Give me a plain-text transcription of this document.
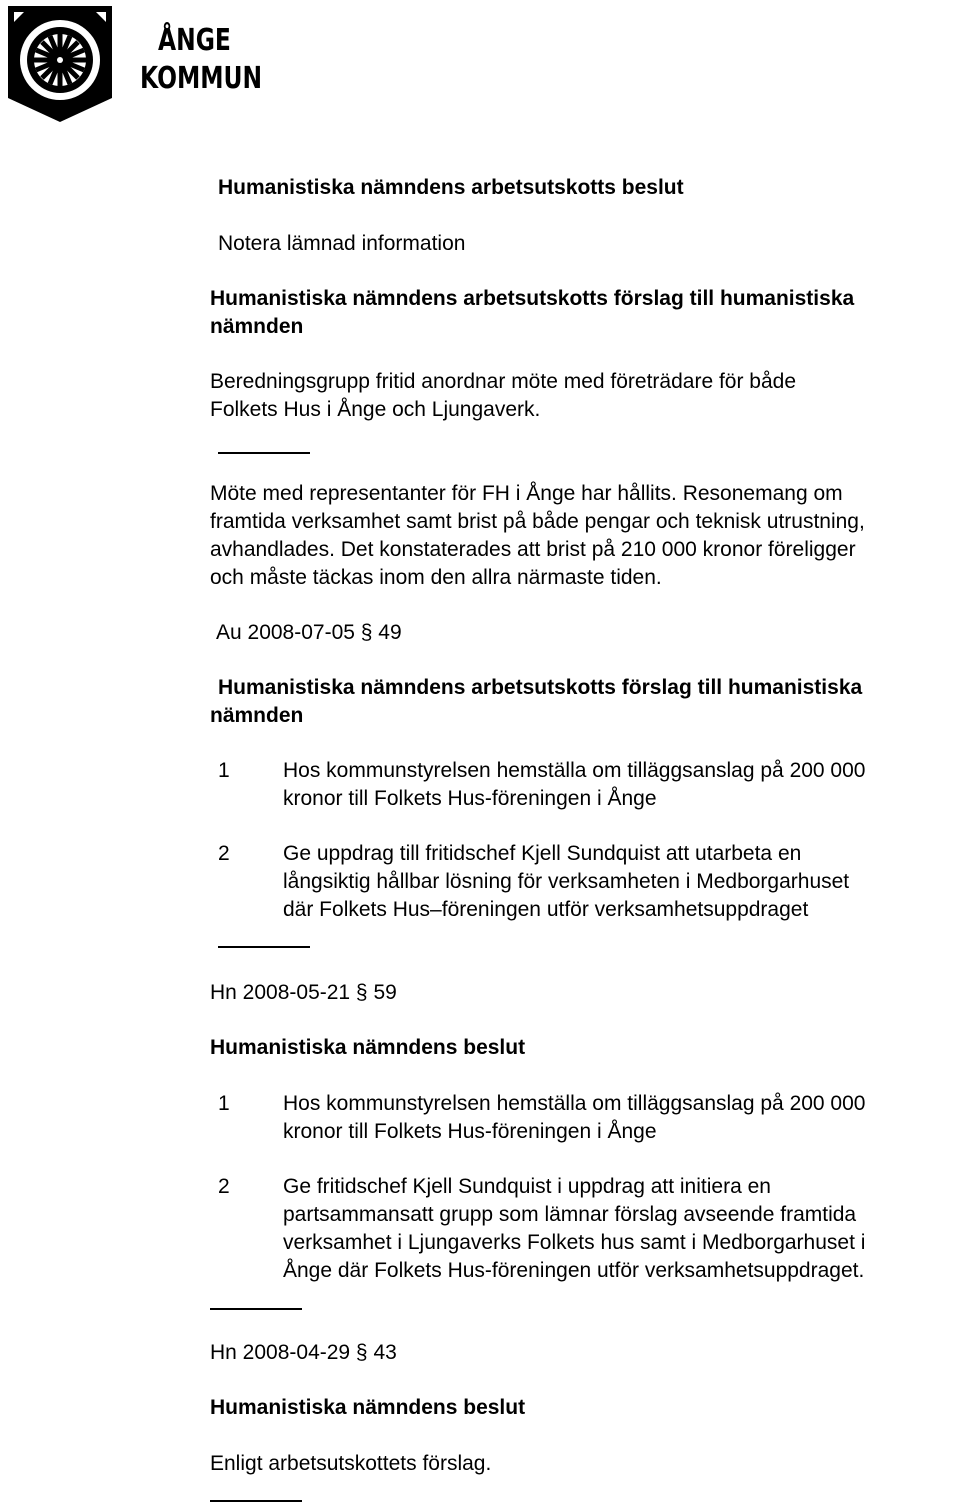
ÅNGE
KOMMUN
Humanistiska nämndens arbetsutskotts beslut
Notera lämnad information
Humanistiska nämndens arbetsutskotts förslag till humanistiska
nämnden
Beredningsgrupp fritid anordnar möte med företrädare för både
Folkets Hus i Ånge och Ljungaverk.
Möte med representanter för FH i Ånge har hållits. Resonemang om
framtida verksamhet samt brist på både pengar och teknisk utrustning,
avhandlades. Det konstaterades att brist på 210 000 kronor föreligger
och måste täckas inom den allra närmaste tiden.
Au 2008-07-05 § 49
Humanistiska nämndens arbetsutskotts förslag till humanistiska
nämnden
1	Hos kommunstyrelsen hemställa om tilläggsanslag på 200 000
kronor till Folkets Hus-föreningen i Ånge
2	Ge uppdrag till fritidschef Kjell Sundquist att utarbeta en
långsiktig hållbar lösning för verksamheten i Medborgarhuset
där Folkets Hus–föreningen utför verksamhetsuppdraget
Hn 2008-05-21 § 59
Humanistiska nämndens beslut
1	Hos kommunstyrelsen hemställa om tilläggsanslag på 200 000
kronor till Folkets Hus-föreningen i Ånge
2	Ge fritidschef Kjell Sundquist i uppdrag att initiera en
partsammansatt grupp som lämnar förslag avseende framtida
verksamhet i Ljungaverks Folkets hus samt i Medborgarhuset i
Ånge där Folkets Hus-föreningen utför verksamhetsuppdraget.
Hn 2008-04-29 § 43
Humanistiska nämndens beslut
Enligt arbetsutskottets förslag.
